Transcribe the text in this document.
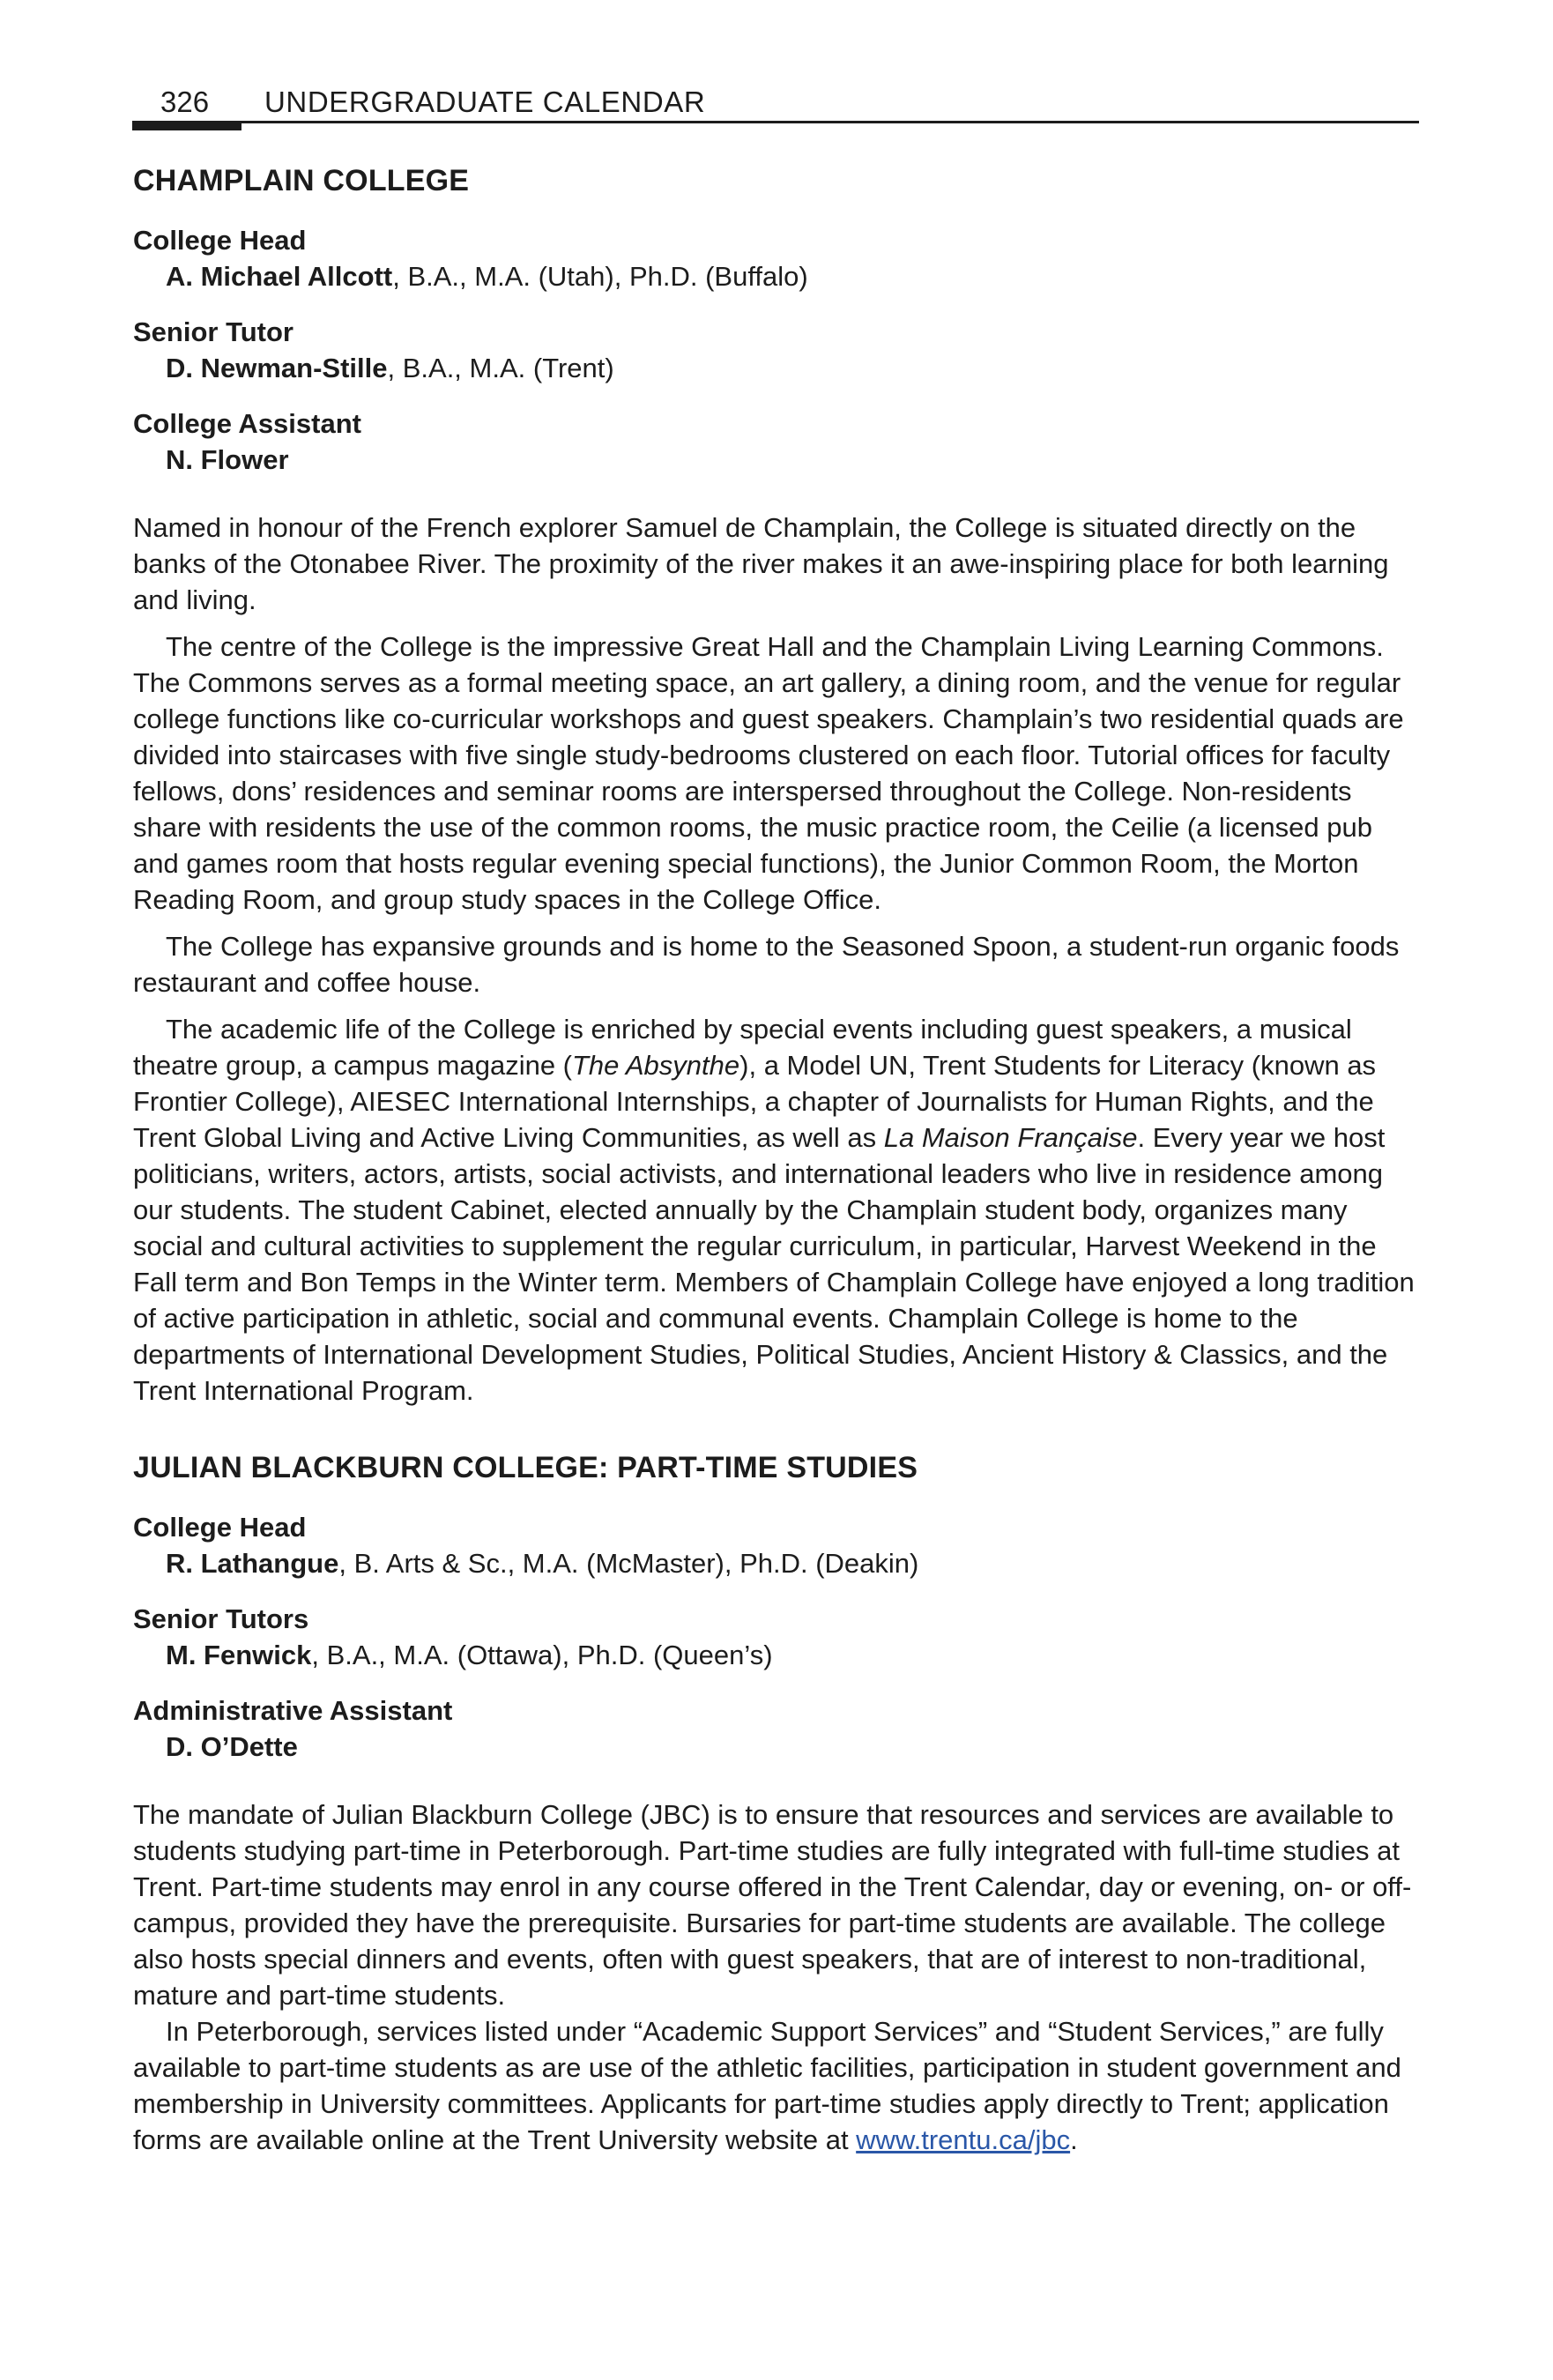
326 UNDERGRADUATE CALENDAR
CHAMPLAIN COLLEGE
College Head
A. Michael Allcott, B.A., M.A. (Utah), Ph.D. (Buffalo)
Senior Tutor
D. Newman-Stille, B.A., M.A. (Trent)
College Assistant
N. Flower

Named in honour of the French explorer Samuel de Champlain, the College is situated directly on the banks of the Otonabee River. The proximity of the river makes it an awe-inspiring place for both learning and living.

The centre of the College is the impressive Great Hall and the Champlain Living Learning Commons. The Commons serves as a formal meeting space, an art gallery, a dining room, and the venue for regular college functions like co-curricular workshops and guest speakers. Champlain’s two residential quads are divided into staircases with five single study-bedrooms clustered on each floor. Tutorial offices for faculty fellows, dons’ residences and seminar rooms are interspersed throughout the College. Non-residents share with residents the use of the common rooms, the music practice room, the Ceilie (a licensed pub and games room that hosts regular evening special functions), the Junior Common Room, the Morton Reading Room, and group study spaces in the College Office.

The College has expansive grounds and is home to the Seasoned Spoon, a student-run organic foods restaurant and coffee house.

The academic life of the College is enriched by special events including guest speakers, a musical theatre group, a campus magazine (The Absynthe), a Model UN, Trent Students for Literacy (known as Frontier College), AIESEC International Internships, a chapter of Journalists for Human Rights, and the Trent Global Living and Active Living Communities, as well as La Maison Française. Every year we host politicians, writers, actors, artists, social activists, and international leaders who live in residence among our students. The student Cabinet, elected annually by the Champlain student body, organizes many social and cultural activities to supplement the regular curriculum, in particular, Harvest Weekend in the Fall term and Bon Temps in the Winter term. Members of Champlain College have enjoyed a long tradition of active participation in athletic, social and communal events. Champlain College is home to the departments of International Development Studies, Political Studies, Ancient History & Classics, and the Trent International Program.

JULIAN BLACKBURN COLLEGE: PART-TIME STUDIES
College Head
R. Lathangue, B. Arts & Sc., M.A. (McMaster), Ph.D. (Deakin)
Senior Tutors
M. Fenwick, B.A., M.A. (Ottawa), Ph.D. (Queen’s)
Administrative Assistant
D. O’Dette

The mandate of Julian Blackburn College (JBC) is to ensure that resources and services are available to students studying part-time in Peterborough. Part-time studies are fully integrated with full-time studies at Trent. Part-time students may enrol in any course offered in the Trent Calendar, day or evening, on- or off-campus, provided they have the prerequisite. Bursaries for part-time students are available. The college also hosts special dinners and events, often with guest speakers, that are of interest to non-traditional, mature and part-time students.

In Peterborough, services listed under “Academic Support Services” and “Student Services,” are fully available to part-time students as are use of the athletic facilities, participation in student government and membership in University committees. Applicants for part-time studies apply directly to Trent; application forms are available online at the Trent University website at www.trentu.ca/jbc.
